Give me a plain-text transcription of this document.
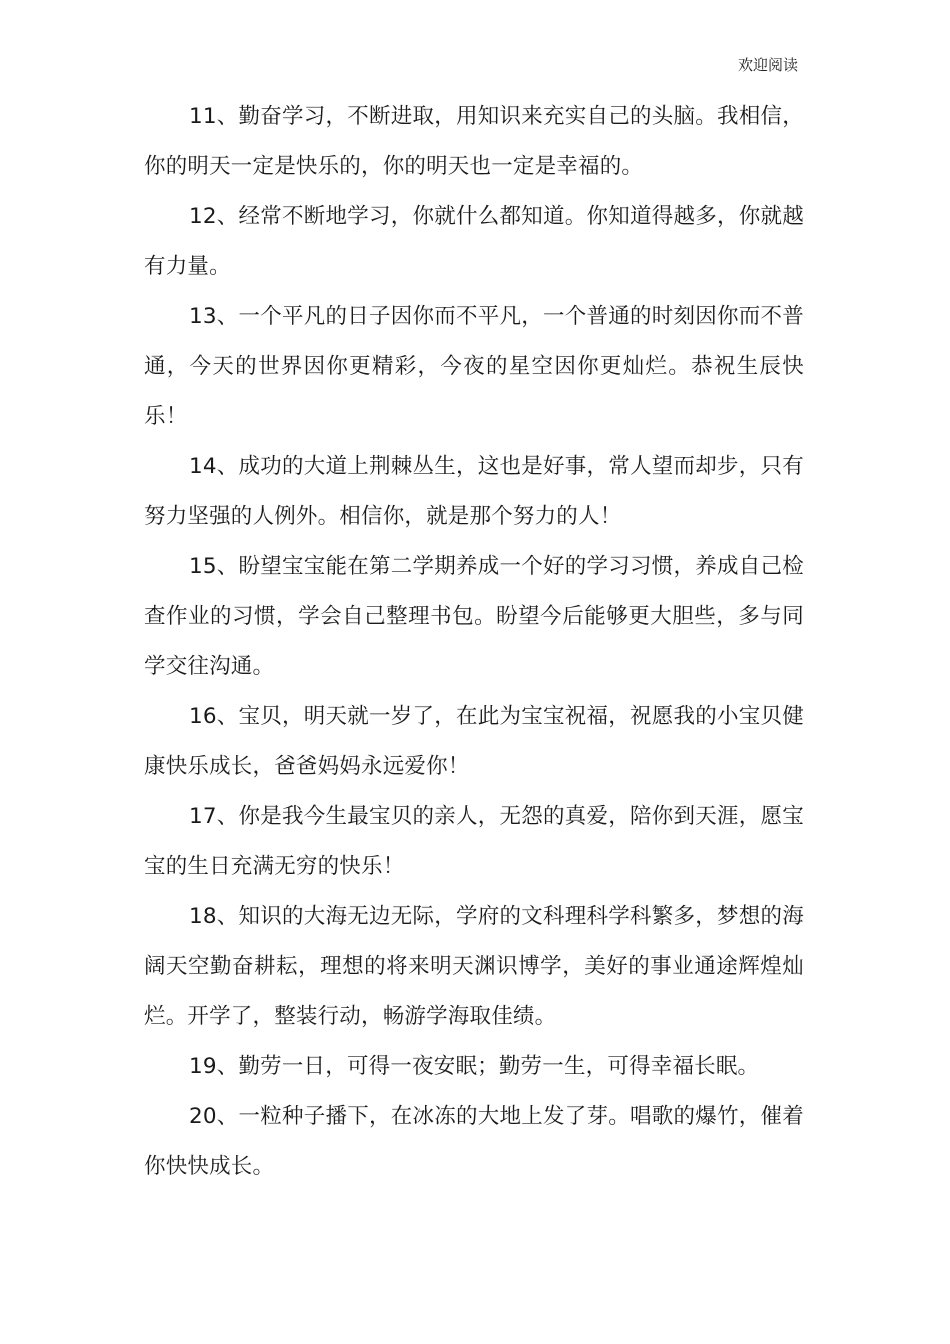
欢迎阅读

11、勤奋学习，不断进取，用知识来充实自己的头脑。我相信，你的明天一定是快乐的，你的明天也一定是幸福的。

12、经常不断地学习，你就什么都知道。你知道得越多，你就越有力量。

13、一个平凡的日子因你而不平凡，一个普通的时刻因你而不普通，今天的世界因你更精彩，今夜的星空因你更灿烂。恭祝生辰快乐！

14、成功的大道上荆棘丛生，这也是好事，常人望而却步，只有努力坚强的人例外。相信你，就是那个努力的人！

15、盼望宝宝能在第二学期养成一个好的学习习惯，养成自己检查作业的习惯，学会自己整理书包。盼望今后能够更大胆些，多与同学交往沟通。

16、宝贝，明天就一岁了，在此为宝宝祝福，祝愿我的小宝贝健康快乐成长，爸爸妈妈永远爱你！

17、你是我今生最宝贝的亲人，无怨的真爱，陪你到天涯，愿宝宝的生日充满无穷的快乐！

18、知识的大海无边无际，学府的文科理科学科繁多，梦想的海阔天空勤奋耕耘，理想的将来明天渊识博学，美好的事业通途辉煌灿烂。开学了，整装行动，畅游学海取佳绩。

19、勤劳一日，可得一夜安眠；勤劳一生，可得幸福长眠。

20、一粒种子播下，在冰冻的大地上发了芽。唱歌的爆竹，催着你快快成长。
